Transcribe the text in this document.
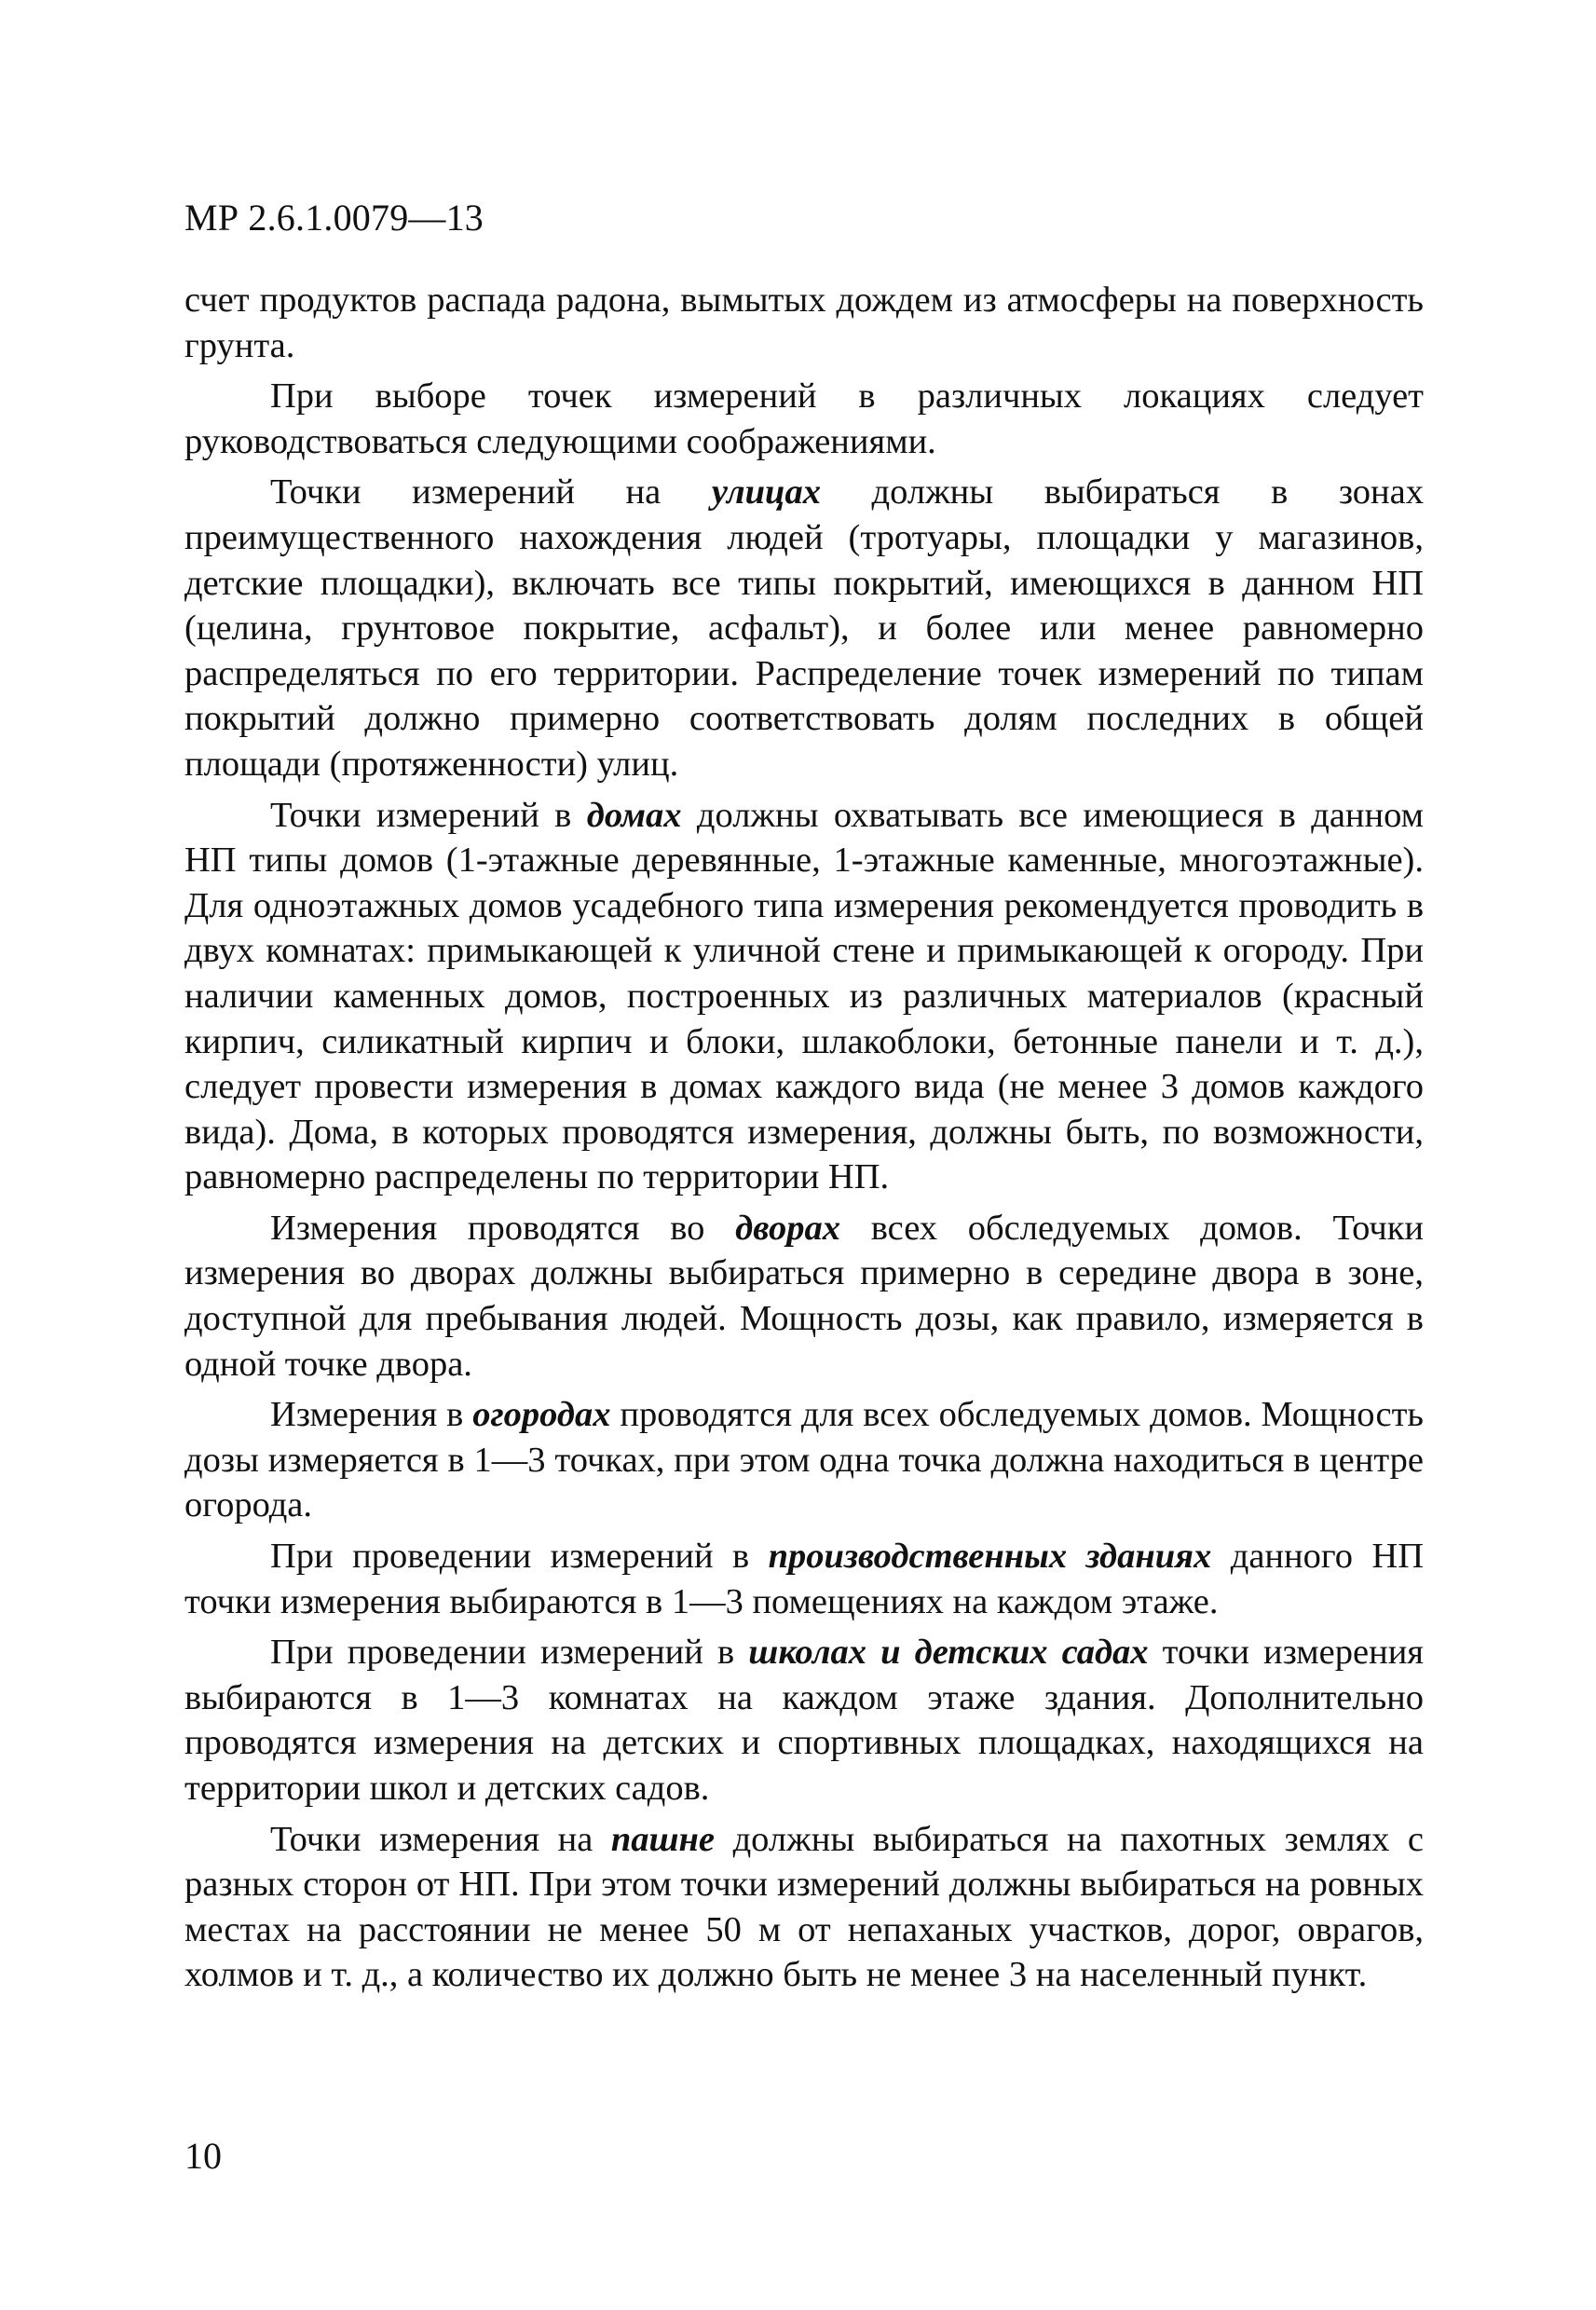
МР 2.6.1.0079—13

счет продуктов распада радона, вымытых дождем из атмосферы на поверхность грунта.

При выборе точек измерений в различных локациях следует руководствоваться следующими соображениями.

Точки измерений на улицах должны выбираться в зонах преимущественного нахождения людей (тротуары, площадки у магазинов, детские площадки), включать все типы покрытий, имеющихся в данном НП (целина, грунтовое покрытие, асфальт), и более или менее равномерно распределяться по его территории. Распределение точек измерений по типам покрытий должно примерно соответствовать долям последних в общей площади (протяженности) улиц.

Точки измерений в домах должны охватывать все имеющиеся в данном НП типы домов (1-этажные деревянные, 1-этажные каменные, многоэтажные). Для одноэтажных домов усадебного типа измерения рекомендуется проводить в двух комнатах: примыкающей к уличной стене и примыкающей к огороду. При наличии каменных домов, построенных из различных материалов (красный кирпич, силикатный кирпич и блоки, шлакоблоки, бетонные панели и т. д.), следует провести измерения в домах каждого вида (не менее 3 домов каждого вида). Дома, в которых проводятся измерения, должны быть, по возможности, равномерно распределены по территории НП.

Измерения проводятся во дворах всех обследуемых домов. Точки измерения во дворах должны выбираться примерно в середине двора в зоне, доступной для пребывания людей. Мощность дозы, как правило, измеряется в одной точке двора.

Измерения в огородах проводятся для всех обследуемых домов. Мощность дозы измеряется в 1—3 точках, при этом одна точка должна находиться в центре огорода.

При проведении измерений в производственных зданиях данного НП точки измерения выбираются в 1—3 помещениях на каждом этаже.

При проведении измерений в школах и детских садах точки измерения выбираются в 1—3 комнатах на каждом этаже здания. Дополнительно проводятся измерения на детских и спортивных площадках, находящихся на территории школ и детских садов.

Точки измерения на пашне должны выбираться на пахотных землях с разных сторон от НП. При этом точки измерений должны выбираться на ровных местах на расстоянии не менее 50 м от непаханых участков, дорог, оврагов, холмов и т. д., а количество их должно быть не менее 3 на населенный пункт.

10
